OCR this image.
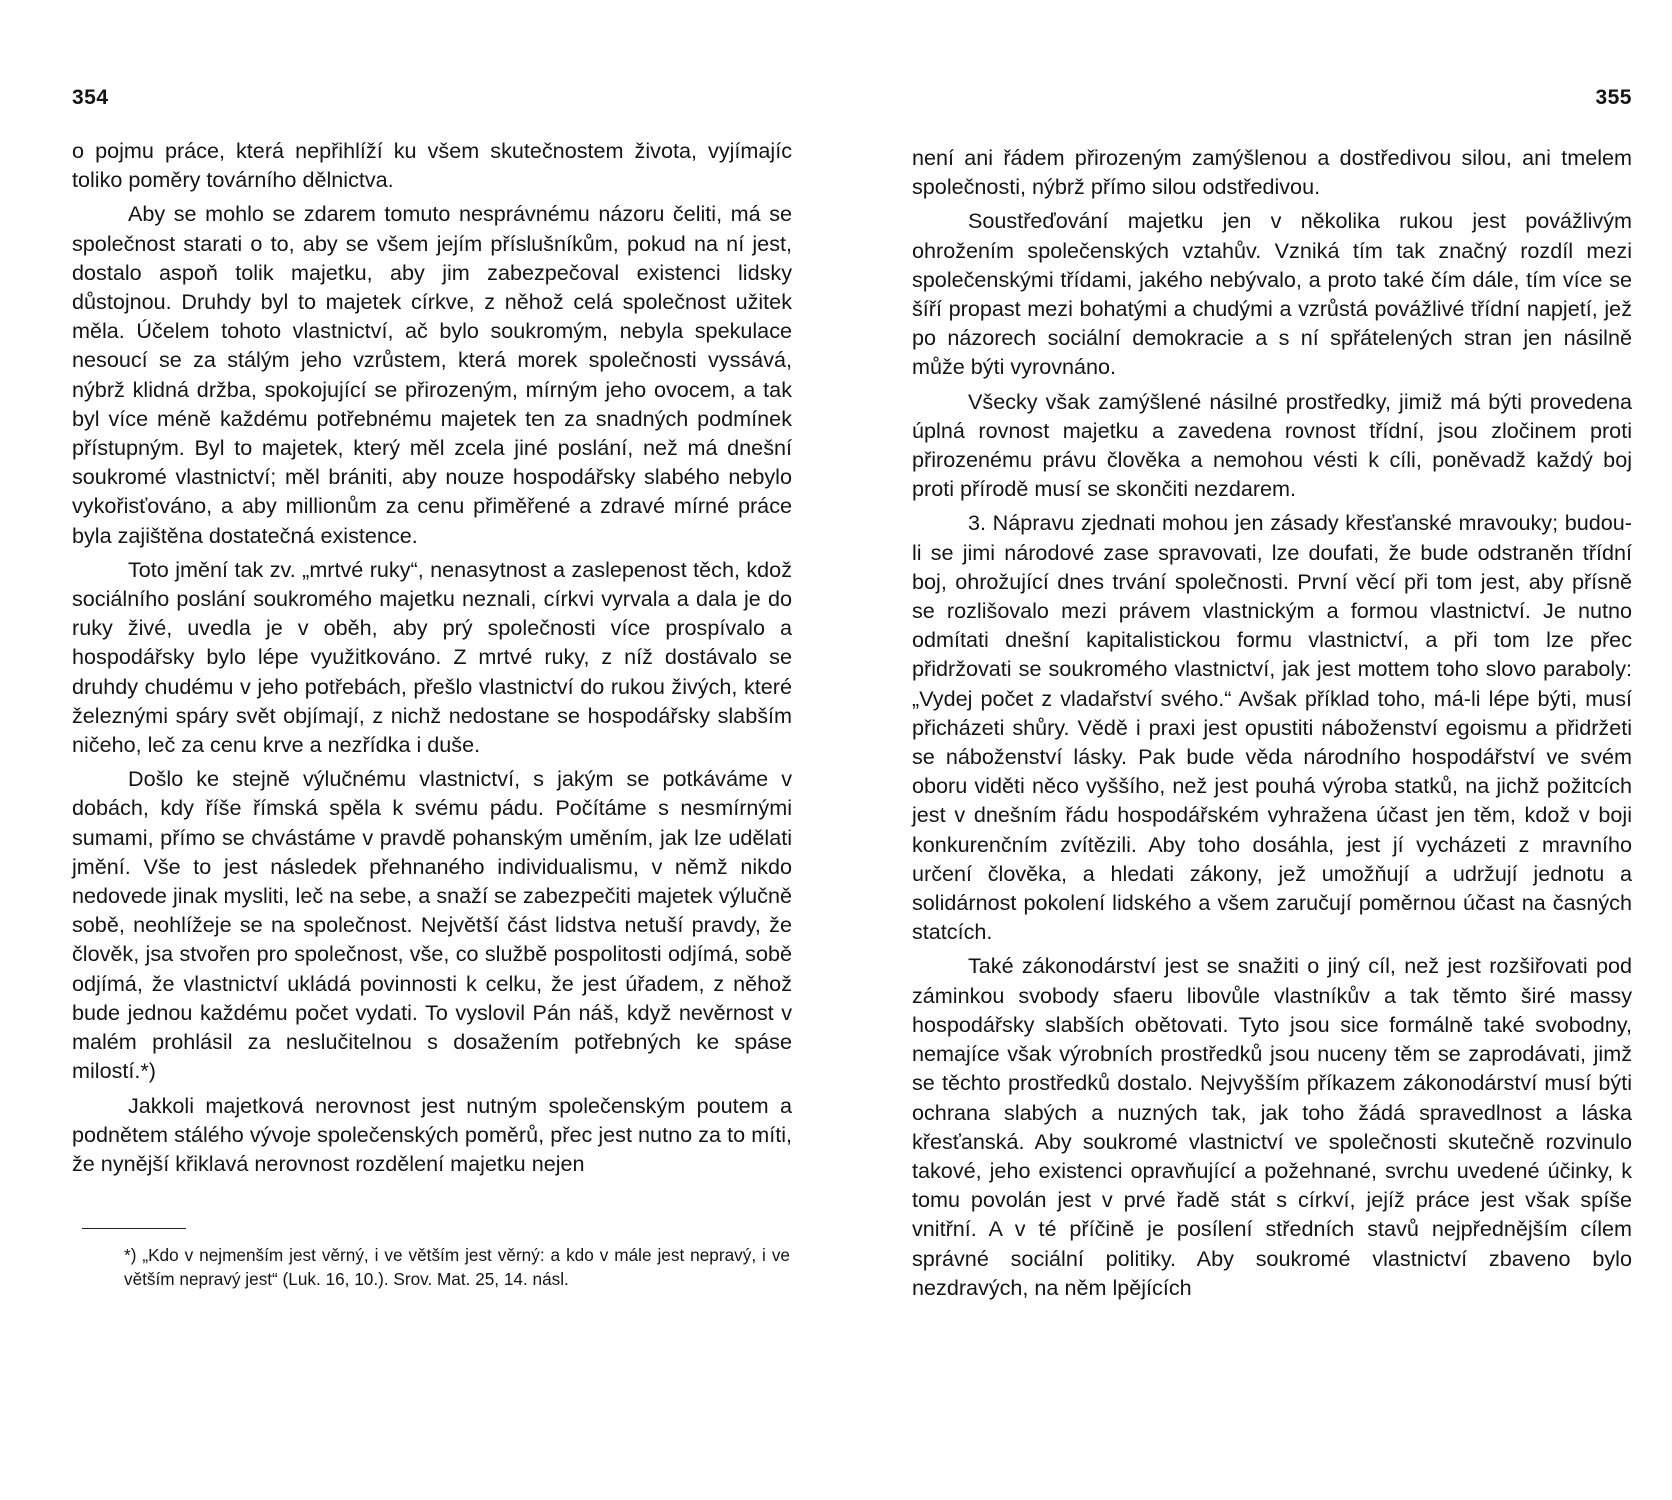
354

o pojmu práce, která nepřihlíží ku všem skutečnostem života, vyjímajíc toliko poměry továrního dělnictva.

Aby se mohlo se zdarem tomuto nesprávnému názoru čeliti, má se společnost starati o to, aby se všem jejím příslušníkům, pokud na ní jest, dostalo aspoň tolik majetku, aby jim zabezpečoval existenci lidsky důstojnou. Druhdy byl to majetek církve, z něhož celá společnost užitek měla. Účelem tohoto vlastnictví, ač bylo soukromým, nebyla spekulace nesoucí se za stálým jeho vzrůstem, která morek společnosti vyssává, nýbrž klidná držba, spokojující se přirozeným, mírným jeho ovocem, a tak byl více méně každému potřebnému majetek ten za snadných podmínek přístupným. Byl to majetek, který měl zcela jiné poslání, než má dnešní soukromé vlastnictví; měl brániti, aby nouze hospodářsky slabého nebylo vykořisťováno, a aby millionům za cenu přiměřené a zdravé mírné práce byla zajištěna dostatečná existence.

Toto jmění tak zv. „mrtvé ruky“, nenasytnost a zaslepenost těch, kdož sociálního poslání soukromého majetku neznali, církvi vyrvala a dala je do ruky živé, uvedla je v oběh, aby prý společnosti více prospívalo a hospodářsky bylo lépe využitkováno. Z mrtvé ruky, z níž dostávalo se druhdy chudému v jeho potřebách, přešlo vlastnictví do rukou živých, které železnými spáry svět objímají, z nichž nedostane se hospodářsky slabším ničeho, leč za cenu krve a nezřídka i duše.

Došlo ke stejně výlučnému vlastnictví, s jakým se potkáváme v dobách, kdy říše římská spěla k svému pádu. Počítáme s nesmírnými sumami, přímo se chvástáme v pravdě pohanským uměním, jak lze udělati jmění. Vše to jest následek přehnaného individualismu, v němž nikdo nedovede jinak mysliti, leč na sebe, a snaží se zabezpečiti majetek výlučně sobě, neohlížeje se na společnost. Největší část lidstva netuší pravdy, že člověk, jsa stvořen pro společnost, vše, co službě pospolitosti odjímá, sobě odjímá, že vlastnictví ukládá povinnosti k celku, že jest úřadem, z něhož bude jednou každému počet vydati. To vyslovil Pán náš, když nevěrnost v malém prohlásil za neslučitelnou s dosažením potřebných ke spáse milostí.*)

Jakkoli majetková nerovnost jest nutným společenským poutem a podnětem stálého vývoje společenských poměrů, přec jest nutno za to míti, že nynější křiklavá nerovnost rozdělení majetku nejen

*) „Kdo v nejmenším jest věrný, i ve větším jest věrný: a kdo v málе jest nepravý, i ve větším nepravý jest“ (Luk. 16, 10.). Srov. Mat. 25, 14. násl.
355

není ani řádem přirozeným zamýšlenou a dostředivou silou, ani tmelem společnosti, nýbrž přímo silou odstředivou.

Soustřeďování majetku jen v několika rukou jest povážlivým ohrožením společenských vztahův. Vzniká tím tak značný rozdíl mezi společenskými třídami, jakého nebývalo, a proto také čím dále, tím více se šíří propast mezi bohatými a chudými a vzrůstá povážlivé třídní napjetí, jež po názorech sociální demokracie a s ní spřátelených stran jen násilně může býti vyrovnáno.

Všecky však zamýšlené násilné prostředky, jimiž má býti provedena úplná rovnost majetku a zavedena rovnost třídní, jsou zločinem proti přirozenému právu člověka a nemohou vésti k cíli, poněvadž každý boj proti přírodě musí se skončiti nezdarem.

3. Nápravu zjednati mohou jen zásady křesťanské mravouky; budou-li se jimi národové zase spravovati, lze doufati, že bude odstraněn třídní boj, ohrožující dnes trvání společnosti. První věcí při tom jest, aby přísně se rozlišovalo mezi právem vlastnickým a formou vlastnictví. Je nutno odmítati dnešní kapitalistickou formu vlastnictví, a při tom lze přec přidržovati se soukromého vlastnictví, jak jest mottem toho slovo paraboly: „Vydej počet z vladařství svého.“ Avšak příklad toho, má-li lépe býti, musí přicházeti shůry. Vědě i praxi jest opustiti náboženství egoismu a přidržeti se náboženství lásky. Pak bude věda národního hospodářství ve svém oboru viděti něco vyššího, než jest pouhá výroba statků, na jichž požitcích jest v dnešním řádu hospodářském vyhražena účast jen těm, kdož v boji konkurenčním zvítězili. Aby toho dosáhla, jest jí vycházeti z mravního určení člověka, a hledati zákony, jež umožňují a udržují jednotu a solidárnost pokolení lidského a všem zaručují poměrnou účast na časných statcích.

Také zákonodárství jest se snažiti o jiný cíl, než jest rozšiřovati pod záminkou svobody sfaeru libovůle vlastníkův a tak těmto širé massy hospodářsky slabších obětovati. Tyto jsou sice formálně také svobodny, nemajíce však výrobních prostředků jsou nuceny těm se zaprodávati, jimž se těchto prostředků dostalo. Nejvyšším příkazem zákonodárství musí býti ochrana slabých a nuzných tak, jak toho žádá spravedlnost a láska křesťanská. Aby soukromé vlastnictví ve společnosti skutečně rozvinulo takové, jeho existenci opravňující a požehnané, svrchu uvedené účinky, k tomu povolán jest v prvé řadě stát s církví, jejíž práce jest však spíše vnitřní. A v té příčině je posílení středních stavů nejpřednějším cílem správné sociální politiky. Aby soukromé vlastnictví zbaveno bylo nezdravých, na něm lpějících
